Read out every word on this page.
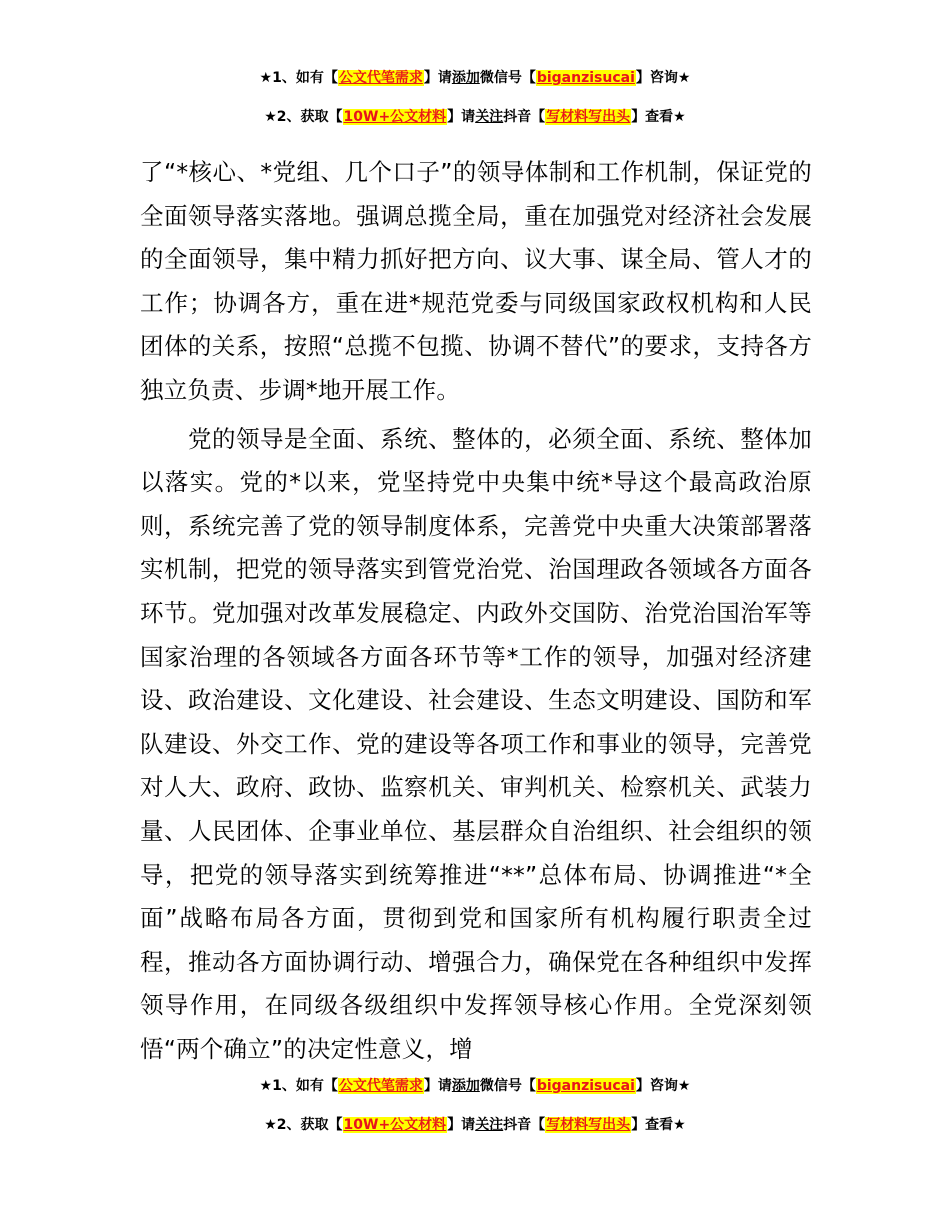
★1、如有【公文代笔需求】请添加微信号【biganzisucai】咨询★
★2、获取【10W+公文材料】请关注抖音【写材料写出头】查看★

了“*核心、*党组、几个口子”的领导体制和工作机制，保证党的全面领导落实落地。强调总揽全局，重在加强党对经济社会发展的全面领导，集中精力抓好把方向、议大事、谋全局、管人才的工作；协调各方，重在进*规范党委与同级国家政权机构和人民团体的关系，按照“总揽不包揽、协调不替代”的要求，支持各方独立负责、步调*地开展工作。

党的领导是全面、系统、整体的，必须全面、系统、整体加以落实。党的*以来，党坚持党中央集中统*导这个最高政治原则，系统完善了党的领导制度体系，完善党中央重大决策部署落实机制，把党的领导落实到管党治党、治国理政各领域各方面各环节。党加强对改革发展稳定、内政外交国防、治党治国治军等国家治理的各领域各方面各环节等*工作的领导，加强对经济建设、政治建设、文化建设、社会建设、生态文明建设、国防和军队建设、外交工作、党的建设等各项工作和事业的领导，完善党对人大、政府、政协、监察机关、审判机关、检察机关、武装力量、人民团体、企事业单位、基层群众自治组织、社会组织的领导，把党的领导落实到统筹推进“**”总体布局、协调推进“*全面”战略布局各方面，贯彻到党和国家所有机构履行职责全过程，推动各方面协调行动、增强合力，确保党在各种组织中发挥领导作用，在同级各级组织中发挥领导核心作用。全党深刻领悟“两个确立”的决定性意义，增

★1、如有【公文代笔需求】请添加微信号【biganzisucai】咨询★
★2、获取【10W+公文材料】请关注抖音【写材料写出头】查看★
